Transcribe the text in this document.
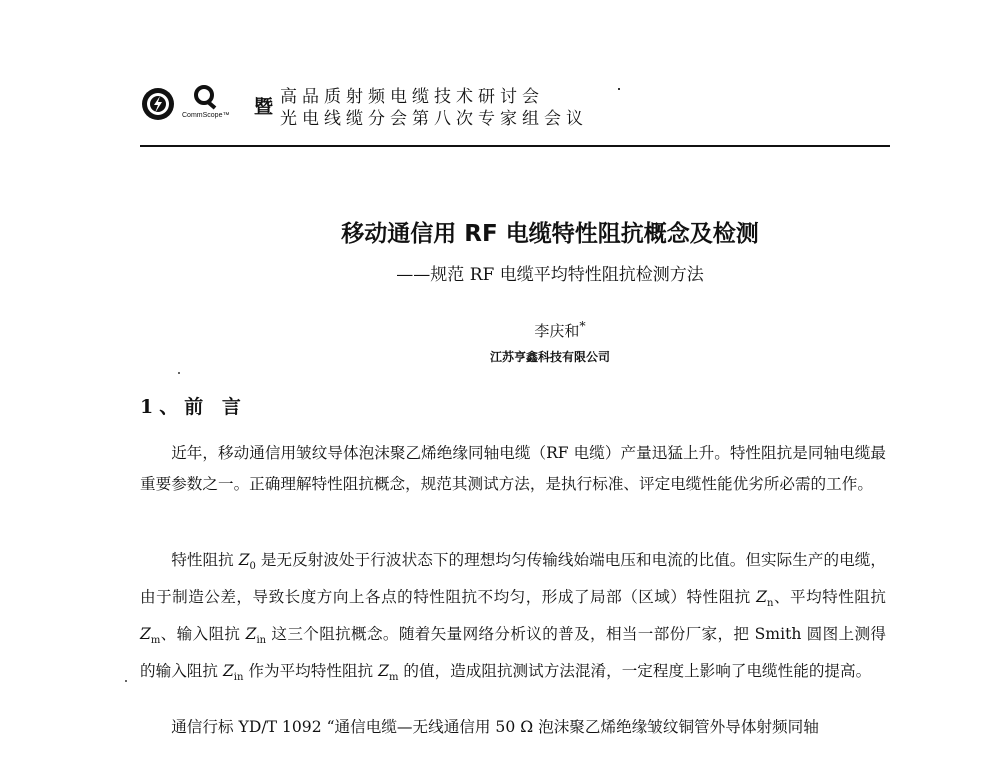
CommScope™	暨 高品质射频电缆技术研讨会
光电线缆分会第八次专家组会议
移动通信用 RF 电缆特性阻抗概念及检测
——规范 RF 电缆平均特性阻抗检测方法
李庆和*
江苏亨鑫科技有限公司
1、前 言

近年，移动通信用皱纹导体泡沫聚乙烯绝缘同轴电缆（RF 电缆）产量迅猛上升。特性阻抗是同轴电缆最重要参数之一。正确理解特性阻抗概念，规范其测试方法，是执行标准、评定电缆性能优劣所必需的工作。

特性阻抗 $Z_0$ 是无反射波处于行波状态下的理想均匀传输线始端电压和电流的比值。但实际生产的电缆，由于制造公差，导致长度方向上各点的特性阻抗不均匀，形成了局部（区域）特性阻抗 $Z_n$、平均特性阻抗 $Z_m$、输入阻抗 $Z_{in}$ 这三个阻抗概念。随着矢量网络分析议的普及，相当一部份厂家，把 Smith 圆图上测得的输入阻抗 $Z_{in}$ 作为平均特性阻抗 $Z_m$ 的值，造成阻抗测试方法混淆，一定程度上影响了电缆性能的提高。

通信行标 YD/T 1092 “通信电缆—无线通信用 50 Ω 泡沫聚乙烯绝缘皱纹铜管外导体射频同轴
